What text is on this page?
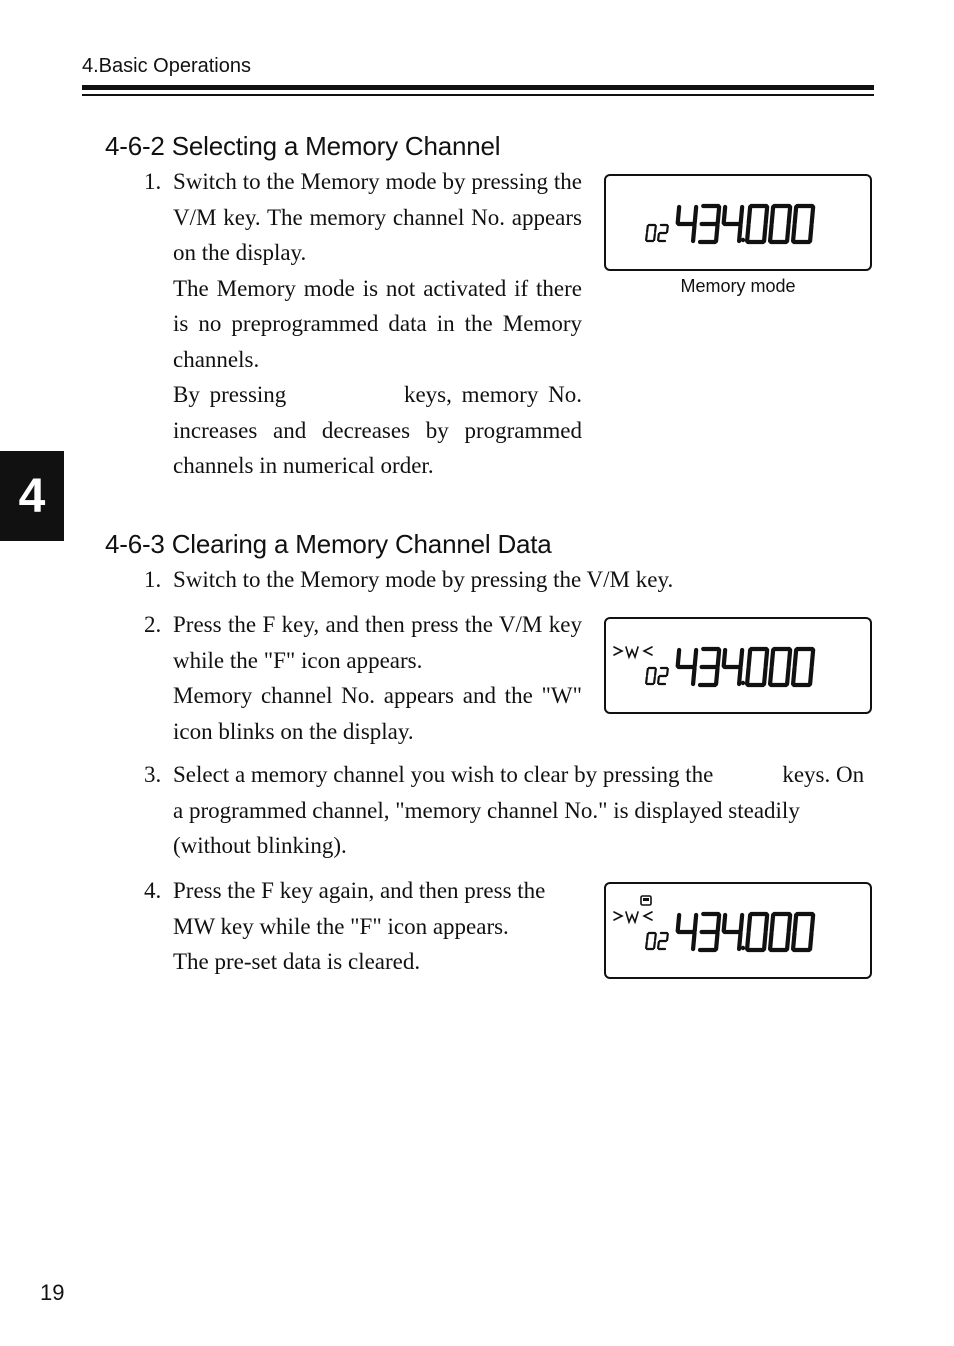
4.Basic Operations
4
4-6-2 Selecting a Memory Channel
1. Switch to the Memory mode by pressing the V/M key. The memory channel No. appears on the display.

The Memory mode is not activated if there is no preprogrammed data in the Memory channels.

By pressing            keys, memory No. increases and decreases by programmed channels in numerical order.

Memory mode
4-6-3 Clearing a Memory Channel Data
1. Switch to the Memory mode by pressing the V/M key.

2. Press the F key, and then press the V/M key while the "F" icon appears.

Memory channel No. appears and the "W" icon blinks on the display.

3. Select a memory channel you wish to clear by pressing the            keys. On a programmed channel, "memory channel No." is displayed steadily (without blinking).

4. Press the F key again, and then press the MW key while the "F" icon appears.

The pre-set data is cleared.

19
